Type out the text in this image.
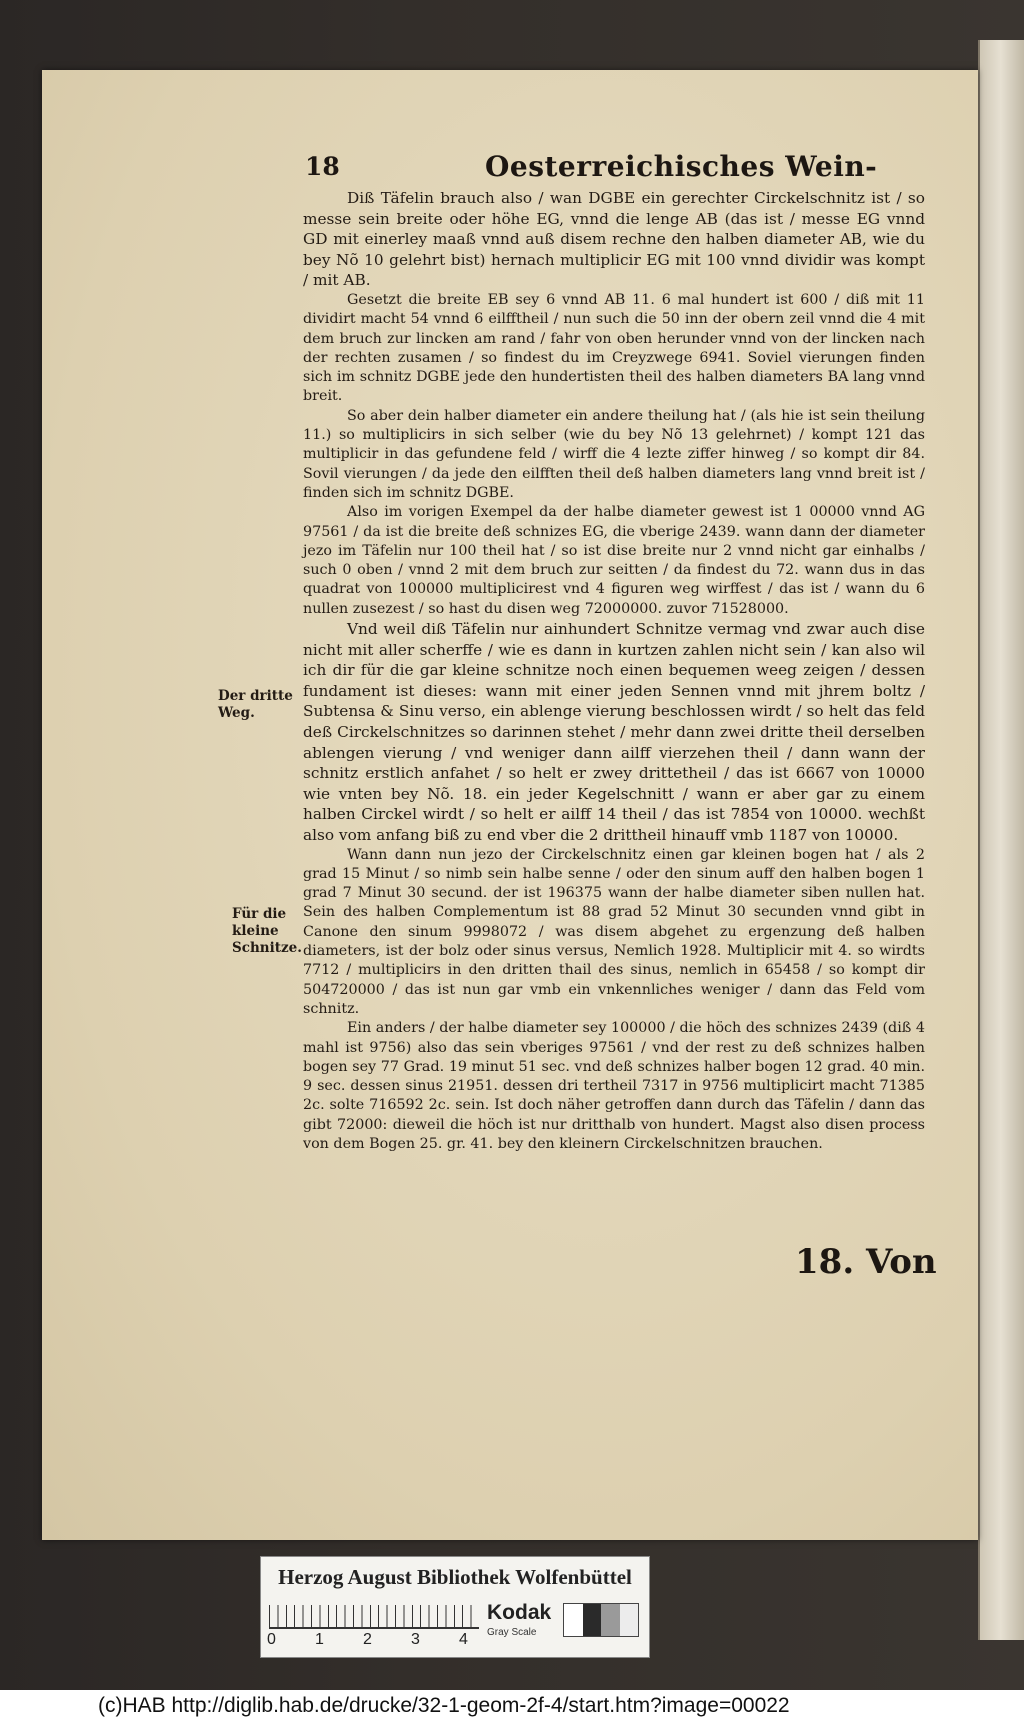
18	Oesterreichisches Wein-
Der dritte Weg.
Für die kleine Schnitze.

Diß Täfelin brauch also / wan DGBE ein gerechter Circkelschnitz ist / so messe sein breite oder höhe EG, vnnd die lenge AB (das ist / messe EG vnnd GD mit einerley maaß vnnd auß disem rechne den halben diameter AB, wie du bey Nõ 10 gelehrt bist) hernach multiplicir EG mit 100 vnnd dividir was kompt / mit AB.

Gesetzt die breite EB sey 6 vnnd AB 11. 6 mal hundert ist 600 / diß mit 11 dividirt macht 54 vnnd 6 eilfftheil / nun such die 50 inn der obern zeil vnnd die 4 mit dem bruch zur lincken am rand / fahr von oben herunder vnnd von der lincken nach der rechten zusamen / so findest du im Creyzwege 6941. Soviel vierungen finden sich im schnitz DGBE jede den hundertisten theil des halben diameters BA lang vnnd breit.

So aber dein halber diameter ein andere theilung hat / (als hie ist sein theilung 11.) so multiplicirs in sich selber (wie du bey Nõ 13 gelehrnet) / kompt 121 das multiplicir in das gefundene feld / wirff die 4 lezte ziffer hinweg / so kompt dir 84. Sovil vierungen / da jede den eilfften theil deß halben diameters lang vnnd breit ist / finden sich im schnitz DGBE.

Also im vorigen Exempel da der halbe diameter gewest ist 1 00000 vnnd AG 97561 / da ist die breite deß schnizes EG, die vberige 2439. wann dann der diameter jezo im Täfelin nur 100 theil hat / so ist dise breite nur 2 vnnd nicht gar einhalbs / such 0 oben / vnnd 2 mit dem bruch zur seitten / da findest du 72. wann dus in das quadrat von 100000 multiplicirest vnd 4 figuren weg wirffest / das ist / wann du 6 nullen zusezest / so hast du disen weg 72000000. zuvor 71528000.

Vnd weil diß Täfelin nur ainhundert Schnitze vermag vnd zwar auch dise nicht mit aller scherffe / wie es dann in kurtzen zahlen nicht sein / kan also wil ich dir für die gar kleine schnitze noch einen bequemen weeg zeigen / dessen fundament ist dieses: wann mit einer jeden Sennen vnnd mit jhrem boltz / Subtensa & Sinu verso, ein ablenge vierung beschlossen wirdt / so helt das feld deß Circkelschnitzes so darinnen stehet / mehr dann zwei dritte theil derselben ablengen vierung / vnd weniger dann ailff vierzehen theil / dann wann der schnitz erstlich anfahet / so helt er zwey drittetheil / das ist 6667 von 10000 wie vnten bey Nõ. 18. ein jeder Kegelschnitt / wann er aber gar zu einem halben Circkel wirdt / so helt er ailff 14 theil / das ist 7854 von 10000. wechßt also vom anfang biß zu end vber die 2 drittheil hinauff vmb 1187 von 10000.

Wann dann nun jezo der Circkelschnitz einen gar kleinen bogen hat / als 2 grad 15 Minut / so nimb sein halbe senne / oder den sinum auff den halben bogen 1 grad 7 Minut 30 secund. der ist 196375 wann der halbe diameter siben nullen hat. Sein des halben Complementum ist 88 grad 52 Minut 30 secunden vnnd gibt in Canone den sinum 9998072 / was disem abgehet zu ergenzung deß halben diameters, ist der bolz oder sinus versus, Nemlich 1928. Multiplicir mit 4. so wirdts 7712 / multiplicirs in den dritten thail des sinus, nemlich in 65458 / so kompt dir 504720000 / das ist nun gar vmb ein vnkennliches weniger / dann das Feld vom schnitz.

Ein anders / der halbe diameter sey 100000 / die höch des schnizes 2439 (diß 4 mahl ist 9756) also das sein vberiges 97561 / vnd der rest zu deß schnizes halben bogen sey 77 Grad. 19 minut 51 sec. vnd deß schnizes halber bogen 12 grad. 40 min. 9 sec. dessen sinus 21951. dessen dri tertheil 7317 in 9756 multiplicirt macht 71385 2c. solte 716592 2c. sein. Ist doch näher getroffen dann durch das Täfelin / dann das gibt 72000: dieweil die höch ist nur dritthalb von hundert. Magst also disen process von dem Bogen 25. gr. 41. bey den kleinern Circkelschnitzen brauchen.

18. Von
Herzog August Bibliothek Wolfenbüttel
0 1 2 3 4
Kodak
Gray Scale
(c)HAB http://diglib.hab.de/drucke/32-1-geom-2f-4/start.htm?image=00022
